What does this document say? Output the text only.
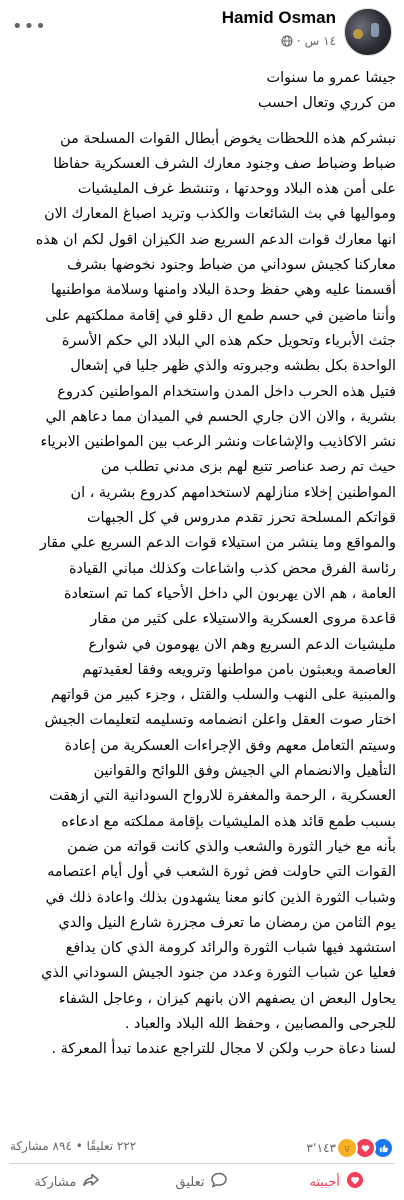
Hamid Osman
١٤ س
·
•••
جيشا عمرو ما سنوات
من كرري وتعال احسب
نبشركم هذه اللحظات يخوض أبطال القوات المسلحة من
ضباط وضباط صف وجنود معارك الشرف العسكرية حفاظا
على أمن هذه البلاد ووحدتها ، وتنشط غرف المليشيات
ومواليها في بث الشائعات والكذب وتريد اصباغ المعارك الان
انها معارك قوات الدعم السريع ضد الكيزان اقول لكم ان هذه
معاركنا كجيش سوداني من ضباط وجنود نخوضها بشرف
أقسمنا عليه وهي حفظ وحدة البلاد وامنها وسلامة مواطنيها
وأننا ماضين في حسم طمع ال دقلو في إقامة مملكتهم على
جثث الأبرياء وتحويل حكم هذه الي البلاد الي حكم الأسرة
الواحدة بكل بطشه وجبروته والذي ظهر جليا في إشعال
فتيل هذه الحرب داخل المدن واستخدام المواطنين كدروع
بشرية ، والان الان جاري الحسم في الميدان مما دعاهم الي
نشر الاكاذيب والإشاعات ونشر الرعب بين المواطنين الابرياء
حيث تم رصد عناصر تتبع لهم بزى مدني تطلب من
المواطنين إخلاء منازلهم لاستخدامهم كدروع بشرية ، ان
قواتكم المسلحة تحرز تقدم مدروس في كل الجبهات
والمواقع وما ينشر من استيلاء قوات الدعم السريع علي مقار
رئاسة الفرق محض كذب واشاعات وكذلك مباني القيادة
العامة ، هم الان يهربون الي داخل الأحياء كما تم استعادة
قاعدة مروى العسكرية والاستيلاء على كثير من مقار
مليشيات الدعم السريع وهم الان يهومون في شوارع
العاصمة ويعبثون بامن مواطنها وترويعه وفقا لعقيدتهم
والمبنية على النهب والسلب والقتل ، وجزء كبير من قواتهم
اختار صوت العقل واعلن انضمامه وتسليمه لتعليمات الجيش
وسيتم التعامل معهم وفق الإجراءات العسكرية من إعادة
التأهيل والانضمام الي الجيش وفق اللوائح والقوانين
العسكرية ، الرحمة والمغفرة للارواح السودانية التي ازهقت
بسبب طمع قائد هذه المليشيات بإقامة مملكته مع ادعاءه
بأنه مع خيار الثورة والشعب والذي كانت قواته من ضمن
القوات التي حاولت فض ثورة الشعب في أول أيام اعتصامه
وشباب الثورة الذين كانو معنا يشهدون بذلك واعادة ذلك في
يوم الثامن من رمضان ما تعرف مجزرة شارع النيل والدي
استشهد فيها شباب الثورة والرائد كرومة الذي كان يدافع
فعليا عن شباب الثورة وعدد من جنود الجيش السوداني الذي
يحاول البعض ان يصفهم الان بانهم كيزان ، وعاجل الشفاء
للجرحى والمصابين ، وحفظ الله البلاد والعباد .
لسنا دعاة حرب ولكن لا مجال للتراجع عندما تبدأ المعركة .
٣٬١٤٣
٢٢٢ تعليقًا • ٨٩٤ مشاركة
أحببته
تعليق
مشاركة
